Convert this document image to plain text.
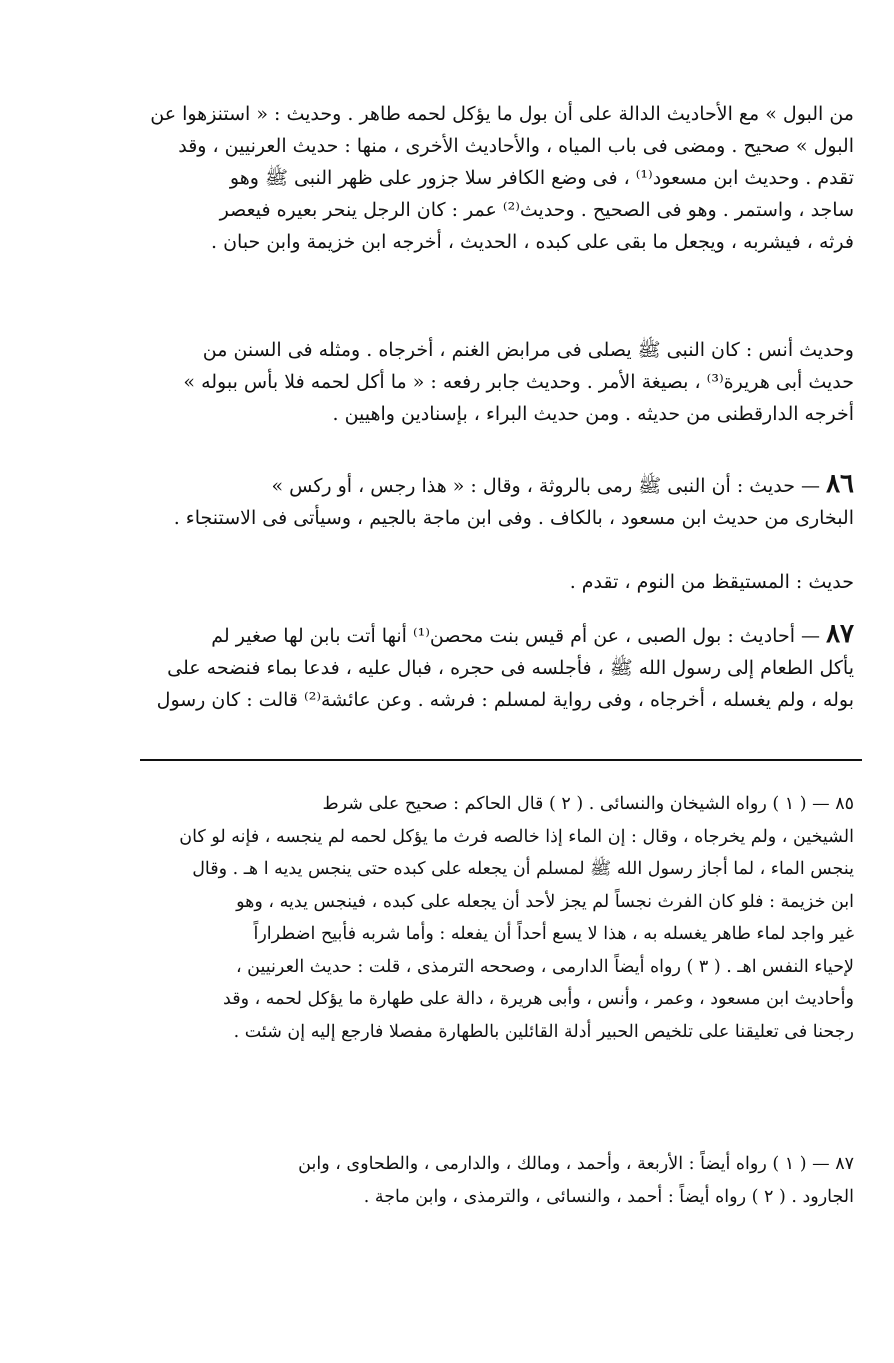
من البول » مع الأحاديث الدالة على أن بول ما يؤكل لحمه طاهر . وحديث : « استنزهوا عن
البول » صحيح . ومضى فى باب المياه ، والأحاديث الأخرى ، منها : حديث العرنيين ، وقد
تقدم . وحديث ابن مسعود⁽¹⁾ ، فى وضع الكافر سلا جزور على ظهر النبى ﷺ وهو
ساجد ، واستمر . وهو فى الصحيح . وحديث⁽²⁾ عمر : كان الرجل ينحر بعيره فيعصر
فرثه ، فيشربه ، ويجعل ما بقى على كبده ، الحديث ، أخرجه ابن خزيمة وابن حبان .
وحديث أنس : كان النبى ﷺ يصلى فى مرابض الغنم ، أخرجاه . ومثله فى السنن من
حديث أبى هريرة⁽³⁾ ، بصيغة الأمر . وحديث جابر رفعه : « ما أكل لحمه فلا بأس ببوله »
أخرجه الدارقطنى من حديثه . ومن حديث البراء ، بإسنادين واهيين .
٨٦ — حديث : أن النبى ﷺ رمى بالروثة ، وقال : « هذا رجس ، أو ركس »
البخارى من حديث ابن مسعود ، بالكاف . وفى ابن ماجة بالجيم ، وسيأتى فى الاستنجاء .
حديث : المستيقظ من النوم ، تقدم .
٨٧ — أحاديث : بول الصبى ، عن أم قيس بنت محصن⁽¹⁾ أنها أتت بابن لها صغير لم
يأكل الطعام إلى رسول الله ﷺ ، فأجلسه فى حجره ، فبال عليه ، فدعا بماء فنضحه على
بوله ، ولم يغسله ، أخرجاه ، وفى رواية لمسلم : فرشه . وعن عائشة⁽²⁾ قالت : كان رسول
٨٥ — ( ١ ) رواه الشيخان والنسائى . ( ٢ ) قال الحاكم : صحيح على شرط
الشيخين ، ولم يخرجاه ، وقال : إن الماء إذا خالصه فرث ما يؤكل لحمه لم ينجسه ، فإنه لو كان
ينجس الماء ، لما أجاز رسول الله ﷺ لمسلم أن يجعله على كبده حتى ينجس يديه ا هـ . وقال
ابن خزيمة : فلو كان الفرث نجساً لم يجز لأحد أن يجعله على كبده ، فينجس يديه ، وهو
غير واجد لماء طاهر يغسله به ، هذا لا يسع أحداً أن يفعله : وأما شربه فأبيح اضطراراً
لإحياء النفس اهـ . ( ٣ ) رواه أيضاً الدارمى ، وصححه الترمذى ، قلت : حديث العرنيين ،
وأحاديث ابن مسعود ، وعمر ، وأنس ، وأبى هريرة ، دالة على طهارة ما يؤكل لحمه ، وقد
رجحنا فى تعليقنا على تلخيص الحبير أدلة القائلين بالطهارة مفصلا فارجع إليه إن شئت .
٨٧ — ( ١ ) رواه أيضاً : الأربعة ، وأحمد ، ومالك ، والدارمى ، والطحاوى ، وابن
الجارود . ( ٢ ) رواه أيضاً : أحمد ، والنسائى ، والترمذى ، وابن ماجة .
